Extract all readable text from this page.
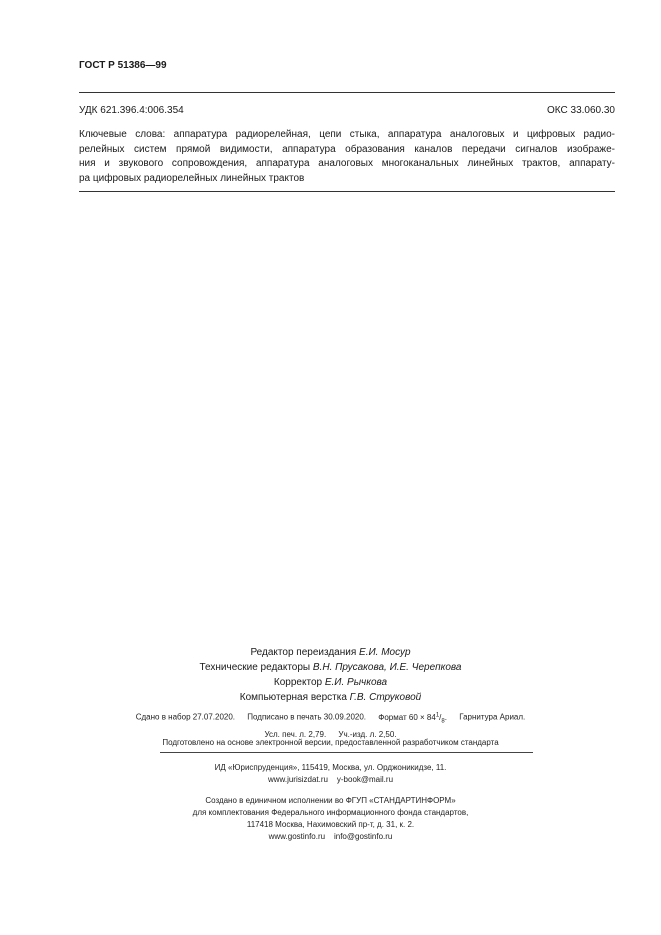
ГОСТ Р 51386—99
УДК 621.396.4:006.354	ОКС 33.060.30
Ключевые слова: аппаратура радиорелейная, цепи стыка, аппаратура аналоговых и цифровых радио-
релейных систем прямой видимости, аппаратура образования каналов передачи сигналов изображе-
ния и звукового сопровождения, аппаратура аналоговых многоканальных линейных трактов, аппарату-
ра цифровых радиорелейных линейных трактов
Редактор переиздания Е.И. Мосур
Технические редакторы В.Н. Прусакова, И.Е. Черепкова
Корректор Е.И. Рычкова
Компьютерная верстка Г.В. Струковой
Сдано в набор 27.07.2020. Подписано в печать 30.09.2020. Формат $60 \times 84^1/_8$. Гарнитура Ариал.
Усл. печ. л. 2,79. Уч.-изд. л. 2,50.
Подготовлено на основе электронной версии, предоставленной разработчиком стандарта
ИД «Юриспруденция», 115419, Москва, ул. Орджоникидзе, 11.
www.jurisizdat.ru y-book@mail.ru
Создано в единичном исполнении во ФГУП «СТАНДАРТИНФОРМ»
для комплектования Федерального информационного фонда стандартов,
117418 Москва, Нахимовский пр-т, д. 31, к. 2.
www.gostinfo.ru info@gostinfo.ru
